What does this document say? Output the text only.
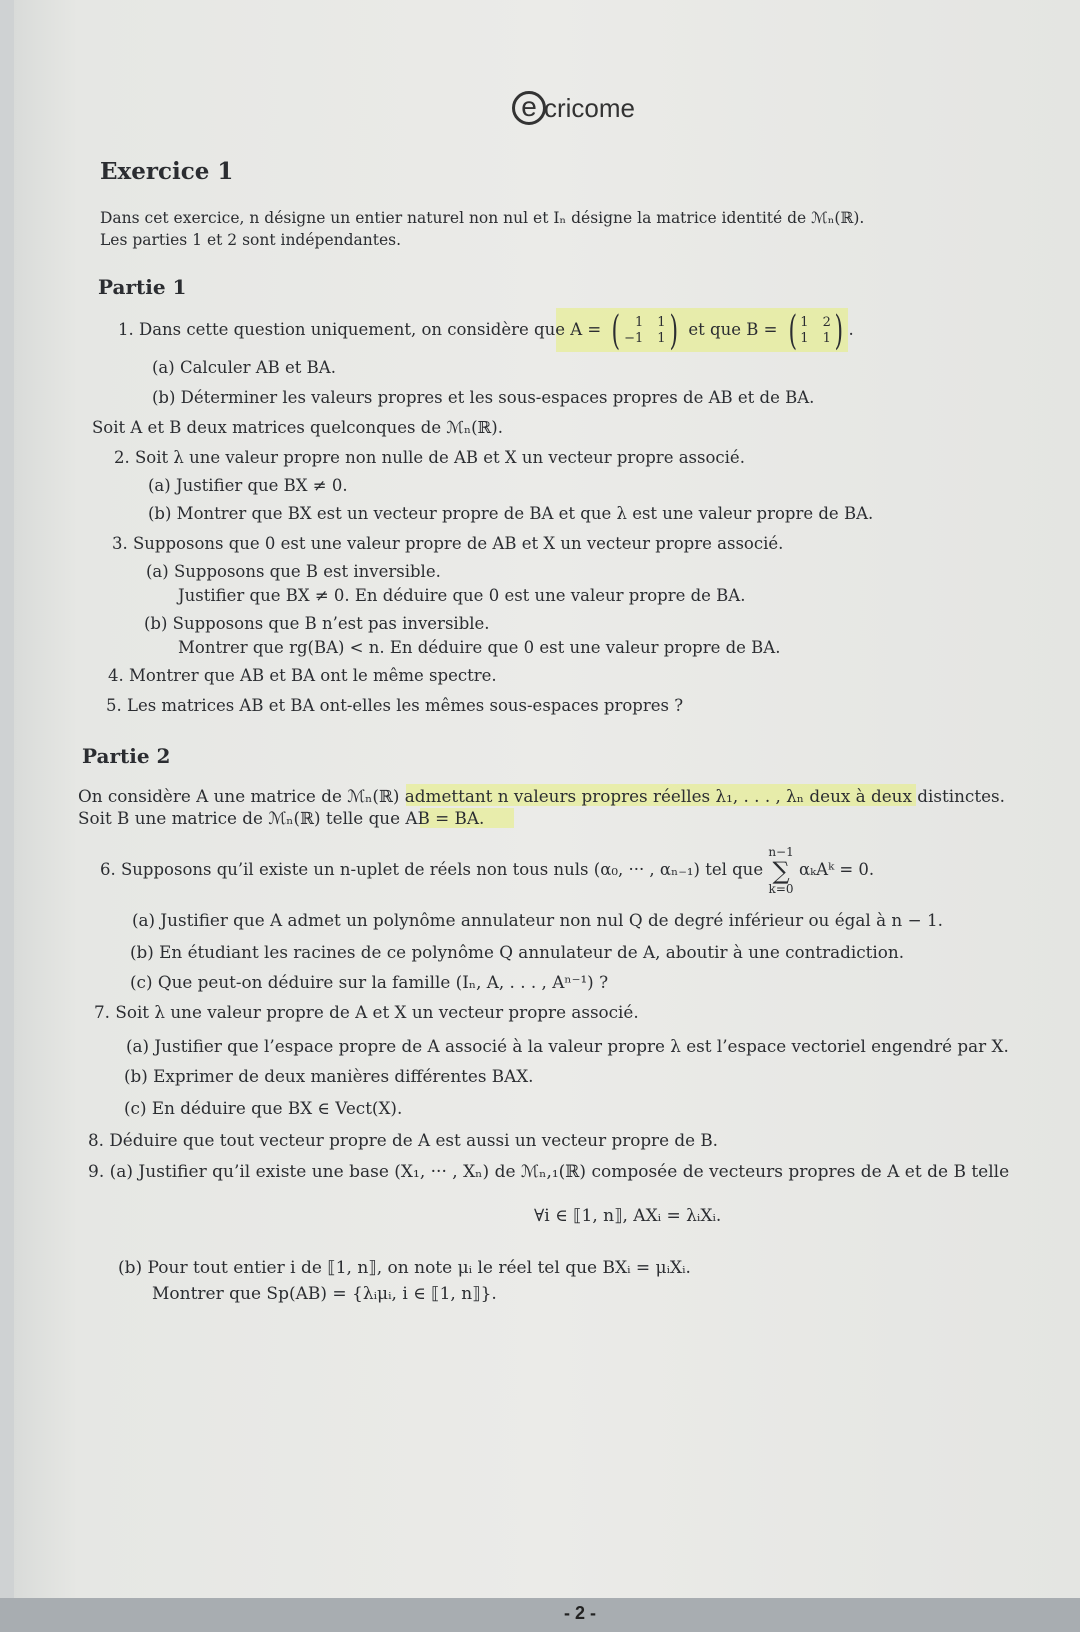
e cricome
Exercice 1
Dans cet exercice, n désigne un entier naturel non nul et Iₙ désigne la matrice identité de ℳₙ(ℝ).
Les parties 1 et 2 sont indépendantes.
Partie 1
1. Dans cette question uniquement, on considère que A = (	1 1
−1 1 ) et que B = ( 1 2
1 1 ) .
(a) Calculer AB et BA.
(b) Déterminer les valeurs propres et les sous-espaces propres de AB et de BA.
Soit A et B deux matrices quelconques de ℳₙ(ℝ).
2. Soit λ une valeur propre non nulle de AB et X un vecteur propre associé.
(a) Justifier que BX ≠ 0.
(b) Montrer que BX est un vecteur propre de BA et que λ est une valeur propre de BA.
3. Supposons que 0 est une valeur propre de AB et X un vecteur propre associé.
(a) Supposons que B est inversible.
Justifier que BX ≠ 0. En déduire que 0 est une valeur propre de BA.
(b) Supposons que B n’est pas inversible.
Montrer que rg(BA) < n. En déduire que 0 est une valeur propre de BA.
4. Montrer que AB et BA ont le même spectre.
5. Les matrices AB et BA ont-elles les mêmes sous-espaces propres ?
Partie 2
On considère A une matrice de ℳₙ(ℝ) admettant n valeurs propres réelles λ₁, . . . , λₙ deux à deux distinctes.
Soit B une matrice de ℳₙ(ℝ) telle que AB = BA.
6. Supposons qu’il existe un n-uplet de réels non tous nuls (α₀, ··· , αₙ₋₁) tel que
n−1
∑
k=0
αₖAᵏ = 0.
(a) Justifier que A admet un polynôme annulateur non nul Q de degré inférieur ou égal à n − 1.
(b) En étudiant les racines de ce polynôme Q annulateur de A, aboutir à une contradiction.
(c) Que peut-on déduire sur la famille (Iₙ, A, . . . , Aⁿ⁻¹) ?
7. Soit λ une valeur propre de A et X un vecteur propre associé.
(a) Justifier que l’espace propre de A associé à la valeur propre λ est l’espace vectoriel engendré par X.
(b) Exprimer de deux manières différentes BAX.
(c) En déduire que BX ∈ Vect(X).
8. Déduire que tout vecteur propre de A est aussi un vecteur propre de B.
9. (a) Justifier qu’il existe une base (X₁, ··· , Xₙ) de ℳₙ,₁(ℝ) composée de vecteurs propres de A et de B telle
∀i ∈ ⟦1, n⟧, AXᵢ = λᵢXᵢ.
(b) Pour tout entier i de ⟦1, n⟧, on note μᵢ le réel tel que BXᵢ = μᵢXᵢ.
Montrer que Sp(AB) = {λᵢμᵢ, i ∈ ⟦1, n⟧}.
- 2 -
